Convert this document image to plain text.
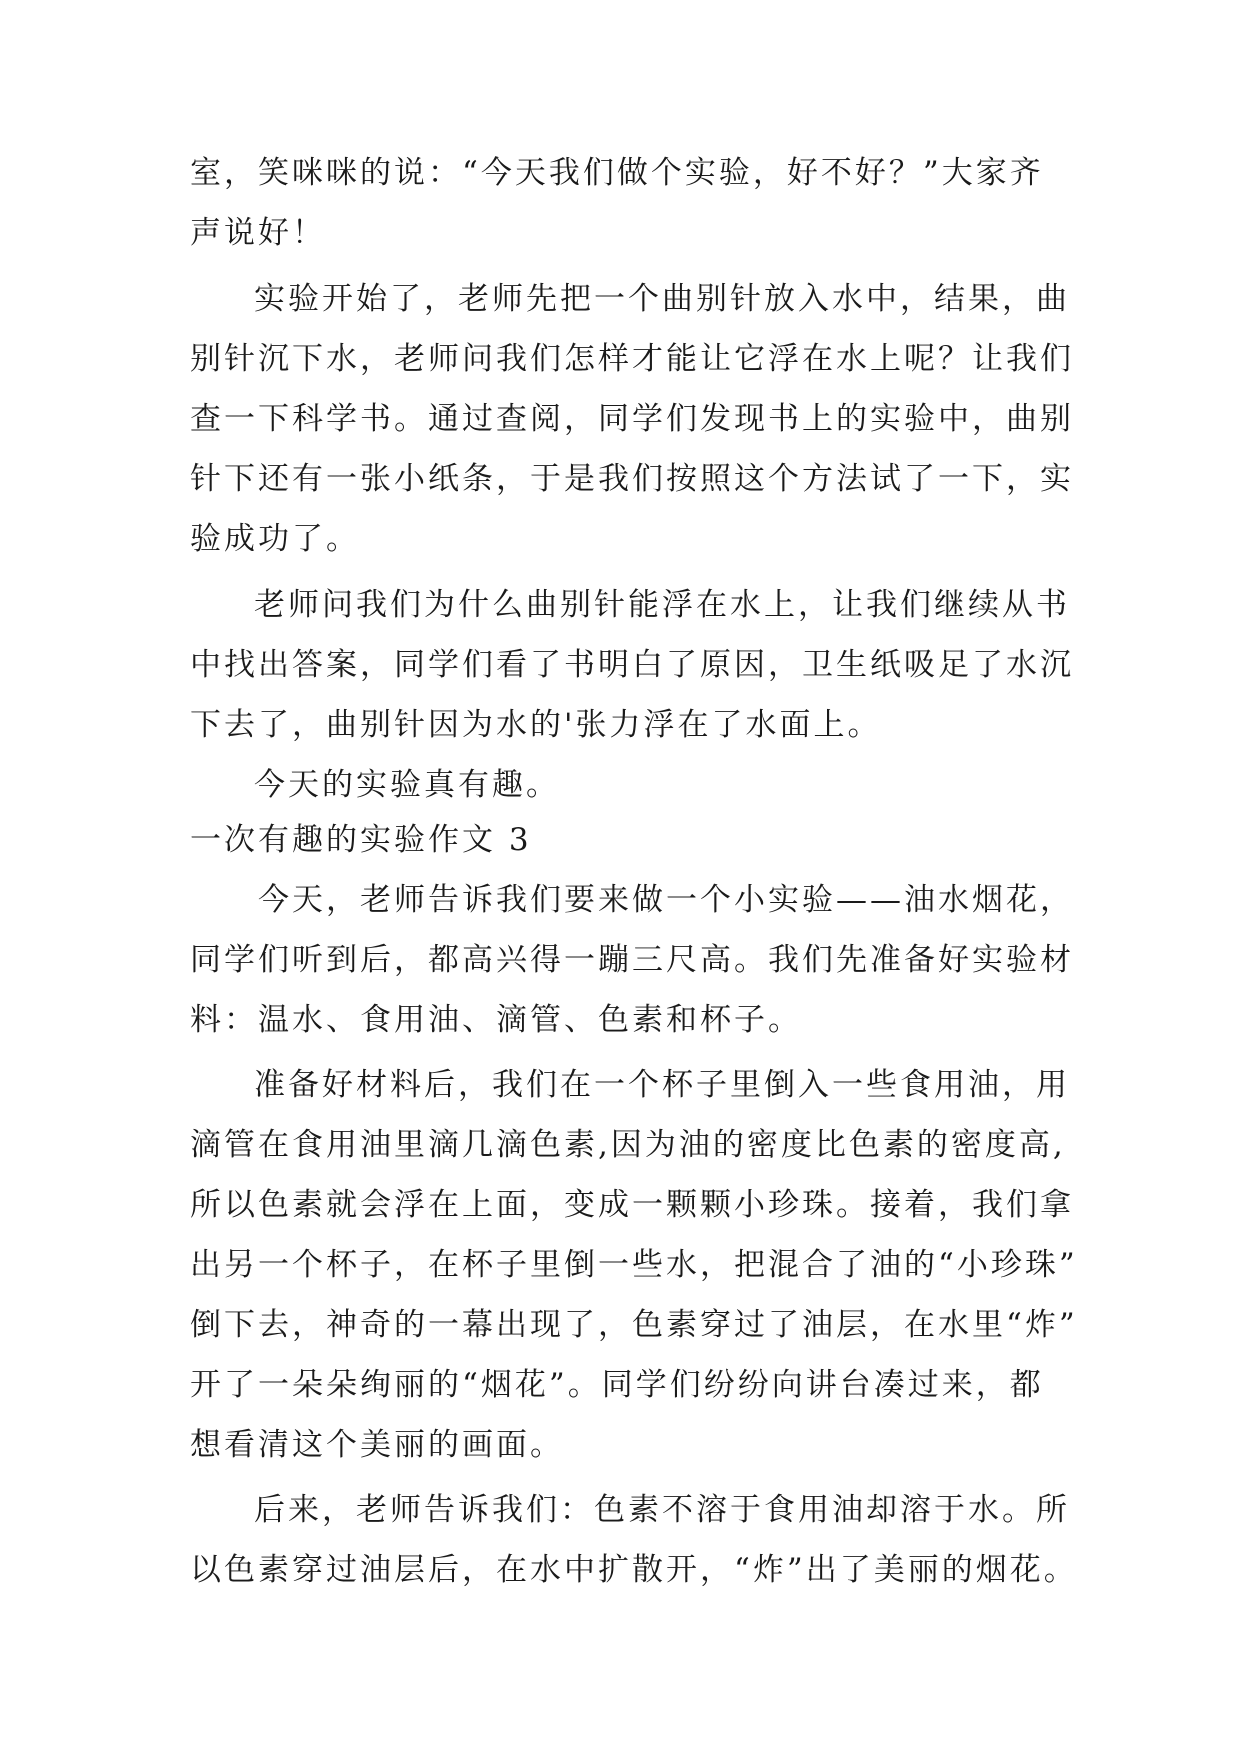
室，笑咪咪的说：“今天我们做个实验，好不好？”大家齐
声说好！
实验开始了，老师先把一个曲别针放入水中，结果，曲
别针沉下水，老师问我们怎样才能让它浮在水上呢？让我们
查一下科学书。通过查阅，同学们发现书上的实验中，曲别
针下还有一张小纸条，于是我们按照这个方法试了一下，实
验成功了。
老师问我们为什么曲别针能浮在水上，让我们继续从书
中找出答案，同学们看了书明白了原因，卫生纸吸足了水沉
下去了，曲别针因为水的'张力浮在了水面上。
今天的实验真有趣。
一次有趣的实验作文 3
今天，老师告诉我们要来做一个小实验——油水烟花，
同学们听到后，都高兴得一蹦三尺高。我们先准备好实验材
料：温水、食用油、滴管、色素和杯子。
准备好材料后，我们在一个杯子里倒入一些食用油，用
滴管在食用油里滴几滴色素,因为油的密度比色素的密度高,
所以色素就会浮在上面，变成一颗颗小珍珠。接着，我们拿
出另一个杯子，在杯子里倒一些水，把混合了油的“小珍珠”
倒下去，神奇的一幕出现了，色素穿过了油层，在水里“炸”
开了一朵朵绚丽的“烟花”。同学们纷纷向讲台凑过来，都
想看清这个美丽的画面。
后来，老师告诉我们：色素不溶于食用油却溶于水。所
以色素穿过油层后，在水中扩散开，“炸”出了美丽的烟花。
